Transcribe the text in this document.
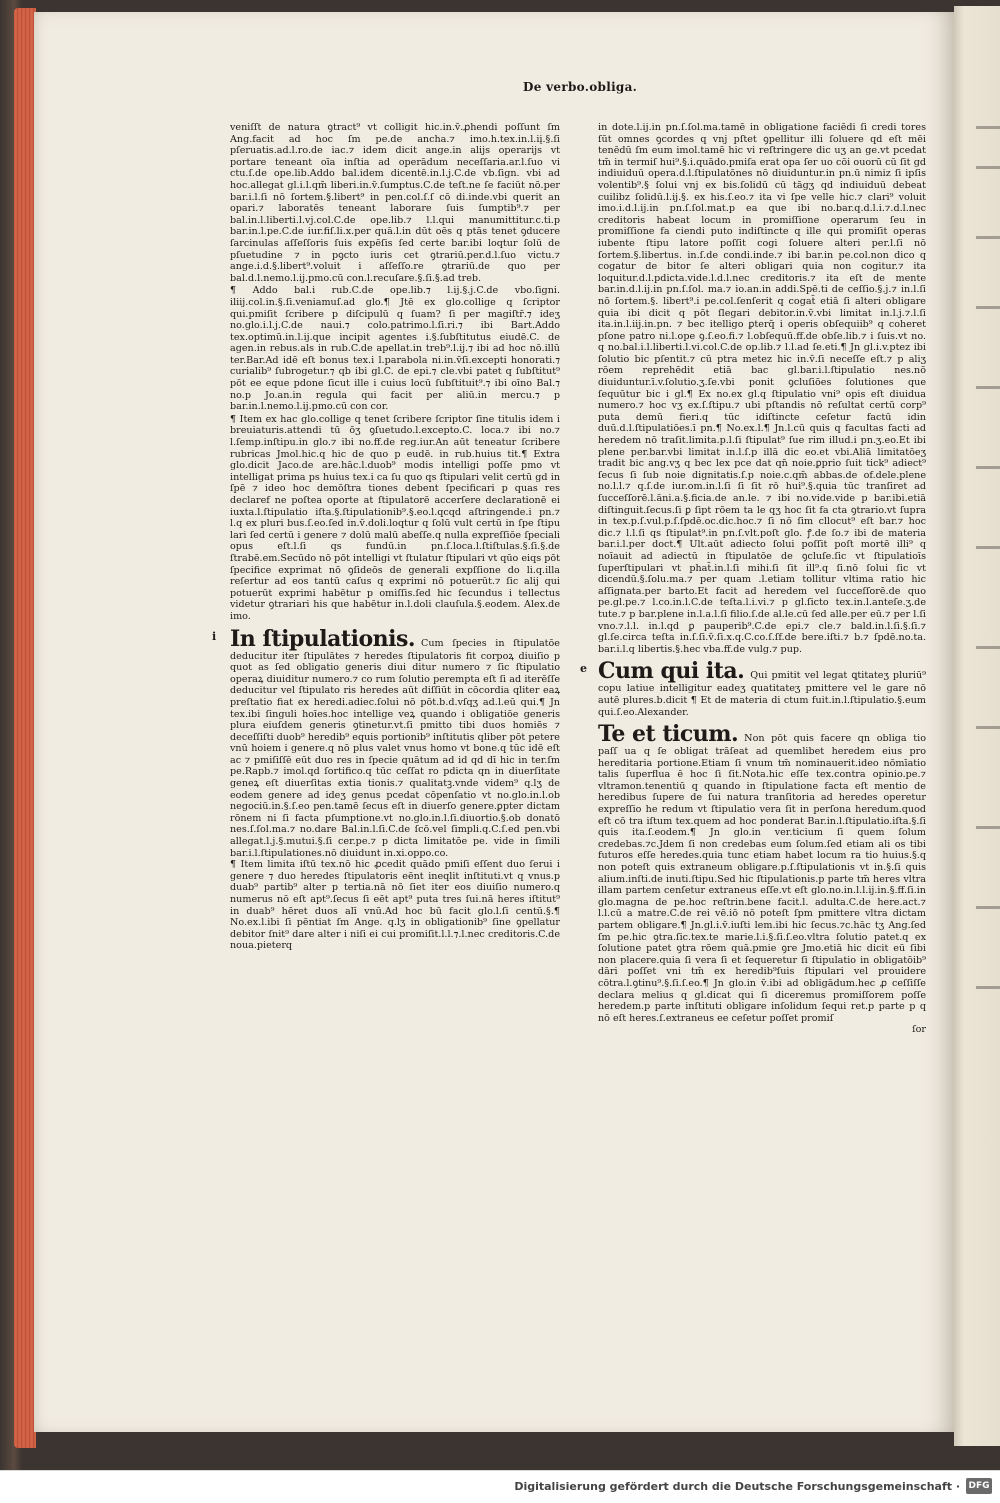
De verbo.obliga.

veniſſt de natura ꝯtract⁹ vt colligit hic.in.v̄.ꝓhendi poſſunt ſm Ang.facit ad hoc ſm pe.de ancha.⁊ imo.h.tex.in.l.iį.§.ſi pſeruatis.ad.l.ro.de iac.⁊ idem dicit ange.in alijs operarijs vt portare teneant oīa inſtia ad operādum neceſſaria.ar.l.ſuo vi ctu.ſ.de ope.lib.Addo bal.idem dicentē.in.l.j.C.de vb.ſign. vbi ad hoc.allegat gl.i.l.qm̄ liberi.in.v̄.ſumptus.C.de teſt.ne ſe faciūt nō.per bar.i.l.ſi nō ſortem.§.libert⁹ in pen.col.ſ.ſ cō di.inde.vbi querit an opari.⁊ laboratēs teneant laborare ſuis ſumptib⁹.⁊ per bal.in.l.liberti.l.vj.col.C.de ope.lib.⁊ l.l.qui manumittitur.c.ti.p bar.in.l.pe.C.de iur.fiſ.li.x.per quā.l.in dūt oēs q ptās tenet ꝯducere ſarcinulas aſſeſſoris ſuis expēſis ſed certe bar.ibi loqtur ſolū de pſuetudine ⁊ in pꝯcto iuris cet ꝯtrariū.per.d.l.ſuo victu.⁊ ange.i.d.§.libert⁹.voluit i aſſeſſo.re ꝯtrariū.de quo per bal.d.l.nemo.l.ij.pmo.cū con.l.recuſare.§.ſi.§.ad treb.

¶ Addo bal.i rub.C.de ope.lib.⁊ l.ij.§.j.C.de vbo.ſigni. iliij.col.in.§.ſi.veniamuſ.ad glo.¶ Jtē ex glo.collige q ſcriptor qui.pmiſit ſcribere p diſcipulū q ſuam? ſi per magiſtr̄.⁊ ideʒ no.glo.i.l.j.C.de naui.⁊ colo.patrimo.l.ſi.ri.⁊ ibi Bart.Addo tex.optimū.in.l.ij.que incipit agentes i.§.ſubſtitutus eiudē.C. de agen.in rebus.als in rub.C.de apellat.in treb⁹.l.ij.⁊ ibi ad hoc nō.illū ter.Bar.Ad idē eſt bonus tex.i l.parabola ni.in.v̄ſi.excepti honorati.⁊ curialib⁹ ſubrogetur.⁊ qb ibi gl.C. de epi.⁊ cle.vbi patet q ſubſtitut⁹ pōt ee eque pdone ſicut ille i cuius locū ſubſtituit⁹.⁊ ibi oīno Bal.⁊ no.p Jo.an.in regula qui facit per aliū.in mercu.⁊ p bar.in.l.nemo.l.ij.pmo.cū con cor.

¶ Item ex hac glo.collige q tenet ſcribere ſcriptor ſine titulis idem i breuiaturis.attendi tū ōʒ ꝯſuetudo.l.excepto.C. loca.⁊ ibi no.⁊ l.ſemp.inſtipu.in glo.⁊ ibi no.ff.de reg.iur.An aūt teneatur ſcribere rubricas Jmol.hic.q hic de quo p eudē. in rub.huius tit.¶ Extra glo.dicit Jaco.de are.hāc.l.duob⁹ modis intelligi poſſe pmo vt intelligat prima ps huius tex.i ca ſu quo qs ſtipulari velit certū gd in ſpē ⁊ ideo hoc demōſtra tiones debent ſpecificari p quas res declaref ne poſtea oporte at ſtipulatorē accerſere declarationē ei iuxta.l.ſtipulatio iſta.§.ſtipulationib⁹.§.eo.l.qcqd aſtringende.i pn.⁊ l.q ex pluri bus.ſ.eo.ſed in.v̄.doli.loqtur q ſolū vult certū in ſpe ſtipu lari ſed certū i genere ⁊ dolū malū abeſſe.q nulla expreſſiōe ſpeciali opus eſt.l.ſi qs fundū.in pn.ſ.loca.l.ſtiſtulas.§.ſi.§.de ſtrabē.em.Secūdo nō pōt intelligi vt ſtulatur ſtipulari vt qūo eiqs pōt ſpecifice exprimat nō ꝯſideōs de generali expſſione do li.q.illa reſertur ad eos tantū caſus q exprimi nō potuerūt.⁊ ſic alij qui potuerūt exprimi habētur p omiſſis.ſed hic ſecundus i tellectus videtur ꝯtrariari his que habētur in.l.doli clauſula.§.eodem. Alex.de imo.

i In ſtipulationis. Cum ſpecies in ſtipulatōe deducitur iter ſtipulātes ⁊ heredes ſtipulatoris fit corpoꝝ diuiſio p quot as ſed obligatio generis diui ditur numero ⁊ ſic ſtipulatio operaꝝ diuiditur numero.⁊ co rum ſolutio perempta eſt ſi ad iterēſſe deducitur vel ſtipulato ris heredes aūt diſſiūt in cōcordia qliter eaꝝ preſtatio fiat ex heredi.adiec.ſolui nō pōt.b.d.vſqʒ ad.l.eū qui.¶ Jn tex.ibi ſinguli hoīes.hoc intellige veꝝ quando i obligatiōe generis plura eiuſdem generis ꝯtinetur.vt.ſi pmitto tibi duos homiēs ⁊ deceſſiſti duob⁹ heredib⁹ equis portionib⁹ inſtitutis qliber pōt petere vnū hoiem i genere.q nō plus valet vnus homo vt bone.q tūc idē eſt ac ⁊ pmiſiſſē eūt duo res in ſpecie quātum ad id qd dī hic in ter.ſm pe.Rapb.⁊ imol.qd ſortifico.q tūc ceſſat ro pdicta qn in diuerſitate geneꝝ eſt diuerſitas extia tionis.⁊ qualitatꝫ.vnde videm⁹ q.lʒ de eodem genere ad ideʒ genus pcedat cōpenſatio vt no.glo.in.l.ob negociū.in.§.ſ.eo pen.tamē ſecus eſt in diuerſo genere.ꝑpter dictam rōnem ni ſi facta pſumptione.vt no.glo.in.l.ſi.diuortio.§.ob donatō nes.ſ.ſol.ma.⁊ no.dare Bal.in.l.ſi.C.de ſcō.vel ſimpli.q.C.ſ.ed pen.vbi allegat.l.j.§.mutui.§.ſi cer.pe.⁊ p dicta limitatōe pe. vide in ſimili bar.i.l.ſtipulationes.nō diuidunt in.xi.oppo.co.

¶ Item limita iſtū tex.nō hic ꝓcedit quādo pmiſi eſſent duo ſerui i genere ⁊ duo heredes ſtipulatoris eēnt ineqlit inſtituti.vt q vnus.p duab⁹ partib⁹ alter p tertia.nā nō ſiet iter eos diuiſio numero.q numerus nō eſt apt⁹.ſecus ſi eēt apt⁹ puta tres ſui.nā heres iſtitut⁹ in duab⁹ hēret duos alī vnū.Ad hoc bū facit glo.l.ſi centū.§.¶ No.ex.l.ibi ſi pēntiat ſm Ange. q.lʒ in obligationib⁹ ſine ꝯpellatur debitor ſnit⁹ dare alter i niſi ei cui promiſit.l.l.⁊.l.nec creditoris.C.de noua.pieterq

in dote.l.ij.in pn.ſ.ſol.ma.tamē in obligatione faciēdi ſi credi tores ſūt omnes ꝯcordes q vnj pſtet ꝯpellitur illi ſoluere qd eſt mēi tenēdū ſm eum imol.tamē hic vi reſtringere dic uʒ an ge.vt pcedat tm̄ in termiſ hui⁹.§.i.quādo.pmiſa erat opa ſer uo cōi ouorū cū ſit gd indiuiduū opera.d.l.ſtipulatōnes nō diuiduntur.in pn.ū nimiz ſi ipſis volentib⁹.§ ſolui vnj ex bis.ſolidū cū tāgʒ qd indiuiduū debeat cuilibz ſolidū.l.ij.§. ex his.ſ.eo.⁊ ita vi ſpe velle hic.⁊ clari⁹ voluit imo.i.d.l.ij.in pn.ſ.ſol.mat.p ea que ibi no.bar.q.d.l.i.⁊.d.l.nec creditoris habeat locum in promiſſione operarum ſeu in promiſſione fa ciendi puto indiſtincte q ille qui promiſit operas iubente ſtipu latore poſſit cogi ſoluere alteri per.l.ſi nō ſortem.§.libertus. in.ſ.de condi.inde.⁊ ibi bar.in pe.col.non dico q cogatur de bitor ſe alteri obligari quia non cogitur.⁊ ita loquitur.d.l.pdicta.vide.l.d.l.nec creditoris.⁊ ita eſt de mente bar.in.d.l.ij.in pn.ſ.ſol. ma.⁊ io.an.in addi.Spē.ti de ceſſio.§.j.⁊ in.l.ſi nō ſortem.§. libert⁹.i pe.col.ſenſerit q cogat̄ etiā ſi alteri obligare quia ibi dicit q pōt ſlegari debitor.in.v̄.vbi limitat in.l.j.⁊.l.ſi ita.in.l.iij.in.pn. ⁊ bec itelligo ꝑterq̄ i operis obſequiib⁹ q coheret pſone patro ni.l.ope ꝯ.ſ.eo.fi.⁊ l.obſequū.ff.de obſe.lib.⁊ i ſuis.vt no. q no.bal.i.l.liberti.l.vi.col.C.de op.lib.⁊ l.l.ad ſe.eti.¶ Jn gl.i.v.ptez ibi ſolutio bic pſentit.⁊ cū ptra metez hic in.v̄.ſi neceſſe eſt.⁊ p aliʒ rōem reprehēdit etiā bac gl.bar.i.l.ſtipulatio nes.nō diuiduntur.ī.v.ſolutio.ʒ.ſe.vbi ponit ꝯcluſiōes ſolutiones que ſequūtur bic i gl.¶ Ex no.ex gl.q ſtipulatio vni⁹ opis eſt diuidua numero.⁊ hoc vʒ ex.ſ.ſtipu.⁊ ubi pſtandis nō reſultat certū corp⁹ puta demū fieri.q tūc idiſtincte ceſetur factū idin duū.d.l.ſtipulatiōes.ī pn.¶ No.ex.l.¶ Jn.l.cū quis q facultas facti ad heredem nō traſit.limita.p.l.ſi ſtipulat⁹ ſue rim illud.i pn.ʒ.eo.Et ibi plene per.bar.vbi limitat in.l.ſ.p illā dic eo.et vbi.Aliā limitatōeʒ tradit bic ang.vʒ q bec lex pce dat qn̄ noie.ꝑprio ſuit tick⁹ adiect⁹ ſecus ſi ſub noie dignitatis.ſ.p noie.c.qm̄ abbas.de of.dele.plene no.l.l.⁊ q.ſ.de iur.om.in.l.ſi ſi ſit rō hui⁹.§.quia tūc tranſiret ad ſucceſſorē.l.āni.a.§.ficia.de an.le. ⁊ ibi no.vide.vide p bar.ibi.etiā diſtinguit.ſecus.ſi ꝑ ſipt rōem ta le qʒ hoc ſit fa cta ꝯtrario.vt ſupra in tex.p.ſ.vul.p.ſ.ſpdē.oc.dic.hoc.⁊ ſi nō ſim cllocut⁹ eſt bar.⁊ hoc dic.⁊ l.l.ſi qs ſtipulat⁹.in pn.ſ.vlt.poſt glo. ꝭ.de ſo.⁊ ibi de materia bar.i.l.per doct.¶ Ult.aūt adiecto ſolui poſſit poſt mortē illi⁹ q noīauit ad adiectū in ſtipulatōe de ꝯcluſe.ſic vt ſtipulatioīs ſuperſtipulari vt phat̄.in.l.ſi mihi.ſi ſit ill⁹.q ſi.nō ſolui ſic vt dicendū.§.ſolu.ma.⁊ per quam .l.etiam tollitur vltima ratio hic aſſignata.per barto.Et facit ad heredem vel ſucceſſorē.de quo pe.gl.pe.⁊ l.co.in.l.C.de teſta.l.i.vi.⁊ p gl.ſicto tex.in.l.anteſe.ʒ.de tute.⁊ p bar.plene in.l.a.l.ſi filio.ſ.de al.le.cū ſed alle.per eū.⁊ per l.ſi vno.⁊.l.l. in.l.qd ꝑ pauperib⁹.C.de epi.⁊ cle.⁊ bald.in.l.ſi.§.ſi.⁊ gl.ſe.circa teſta in.ſ.ſi.v̄.ſi.x.q.C.co.ſ.ſf.de bere.iſti.⁊ b.⁊ ſpdē.no.ta. bar.i.l.q libertis.§.hec vba.ff.de vulg.⁊ pup.

e Cum qui ita. Qui pmitit vel legat ꝗtitateʒ pluriū⁹ copu latiue intelligitur eadeʒ quatitateʒ pmittere vel le gare nō autē plures.b.dicit ¶ Et de materia di ctum fuit.in.l.ſtipulatio.§.eum qui.ſ.eo.Alexander.
Te et ticum. Non pōt quis facere qn obliga tio paſſ ua q ſe obligat trāſeat ad quemlibet heredem eius pro hereditaria portione.Etiam ſi vnum tm̄ nominauerit.ideo nōmīatio talis ſuperflua ē hoc ſi ſit.Nota.hic eſſe tex.contra opinio.pe.⁊ vltramon.tenentiū q quando in ſtipulatione facta eſt mentio de heredibus ſupere de ſui natura tranſitoria ad heredes operetur expreſſio he redum vt ſtipulatio vera ſit in perſona heredum.quod eſt cō tra iſtum tex.quem ad hoc ponderat Bar.in.l.ſtipulatio.iſta.§.ſi quis ita.ſ.eodem.¶ Jn glo.in ver.ticium ſi quem ſolum credebas.⁊c.Jdem ſi non credebas eum ſolum.ſed etiam ali os tibi futuros eſſe heredes.quia tunc etiam habet locum ra tio huius.§.q non poteſt quis extraneum obligare.p.ſ.ſtipulationis vt in.§.ſi quis alium.inſti.de inuti.ſtipu.Sed hic ſtipulationis.p parte tm̄ heres vltra illam partem cenſetur extraneus eſſe.vt eſt glo.no.in.l.l.ij.in.§.ff.ſi.in glo.magna de pe.hoc reſtrin.bene facit.l. adulta.C.de here.act.⁊ l.l.cū a matre.C.de rei vē.iō nō poteſt ſpm pmittere vltra dictam partem obligare.¶ Jn.gl.i.v̄.iuſti lem.ibi hic ſecus.⁊c.hāc tʒ Ang.ſed ſm pe.hic ꝯtra.ſic.tex.te marie.l.i.§.ſi.ſ.eo.vltra ſolutio patet.q ex ſolutione patet ꝯtra rōem quā.pmie ꝯre Jmo.etiā hic dicit eū ſibi non placere.quia ſi vera ſi et ſequeretur ſi ſtipulatio in obligatōib⁹ dāri poſſet vni tm̄ ex heredib⁹ſuis ſtipulari vel prouidere cōtra.l.ꝯtinu⁹.§.ſi.ſ.eo.¶ Jn glo.in v̄.ibi ad obligādum.hec ꝓ ceſſiſſe declara melius q gl.dicat qui ſi diceremus promiſſorem poſſe heredem.p parte inſtituti obligare inſolidum ſequi ret.p parte p q nō eſt heres.ſ.extraneus ee ceſetur poſſet promiſ
ſor
Digitalisierung gefördert durch die Deutsche Forschungsgemeinschaft · DFG
